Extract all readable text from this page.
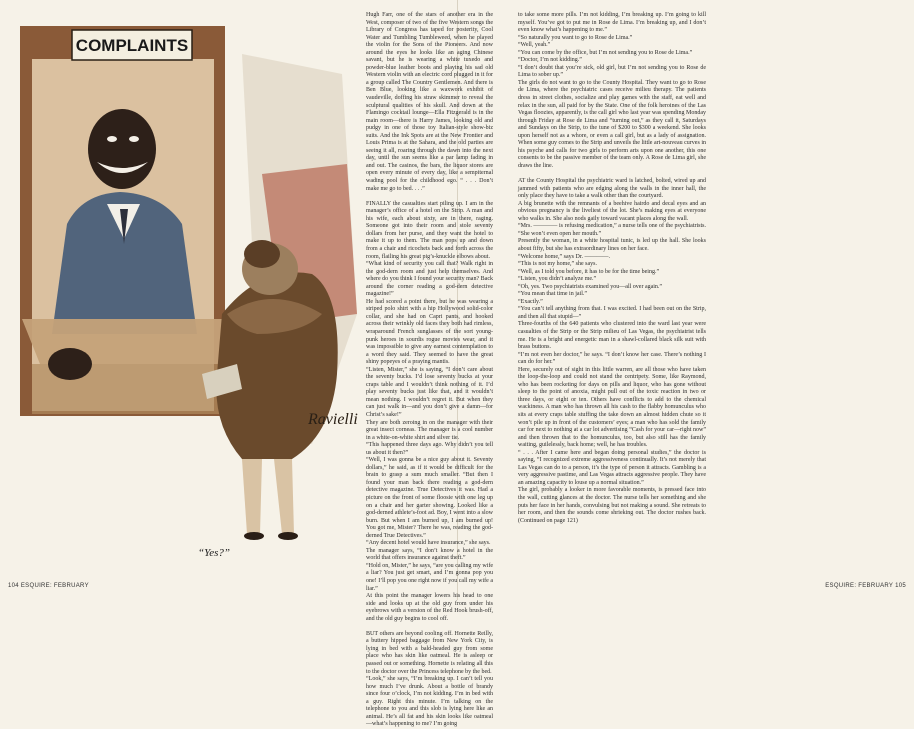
COMPLAINTS
Ravielli
“Yes?”
Hugh Farr, one of the stars of another era in the West, composer of two of the five Western songs the Library of Congress has taped for posterity, Cool Water and Tumbling Tumbleweed, when he played the violin for the Sons of the Pioneers. And now around the eyes he looks like an aging Chinese savant, but he is wearing a white tuxedo and powder-blue leather boots and playing his sad old Western violin with an electric cord plugged in it for a group called The Country Gentlemen. And there is Ben Blue, looking like a waxwork exhibit of vaudeville, doffing his straw skimmer to reveal the sculptural qualities of his skull. And down at the Flamingo cocktail lounge—Ella Fitzgerald is in the main room—there is Harry James, looking old and pudgy in one of those toy Italian-style show-biz suits. And the Ink Spots are at the New Frontier and Louis Prima is at the Sahara, and the old parties are seeing it all, roaring through the dawn into the next day, until the sun seems like a par lamp fading in and out. The casinos, the bars, the liquor stores are open every minute of every day, like a sempiternal wading pool for the childhood ego. “ . . . Don’t make me go to bed. . . .”

FINALLY the casualties start piling up. I am in the manager’s office of a hotel on the Strip. A man and his wife, each about sixty, are in there, raging. Someone got into their room and stole seventy dollars from her purse, and they want the hotel to make it up to them. The man pops up and down from a chair and ricochets back and forth across the room, flailing his great pig’s-knuckle elbows about.
“What kind of security you call that? Walk right in the god-dern room and just help themselves. And where do you think I found your security man? Back around the corner reading a god-dern detective magazine!”
He had scored a point there, but he was wearing a striped polo shirt with a hip Hollywood solid-color collar, and she had on Capri pants, and hooked across their wrinkly old faces they both had rimless, wraparound French sunglasses of the sort young-punk heroes in sourdis rogue movies wear, and it was impossible to give any earnest contemplation to a word they said. They seemed to have the great shiny popeyes of a praying mantis.
“Listen, Mister,” she is saying, “I don’t care about the seventy bucks. I’d lose seventy bucks at your craps table and I wouldn’t think nothing of it. I’d play seventy bucks just like that, and it wouldn’t mean nothing. I wouldn’t regret it. But when they can just walk in—and you don’t give a damn—for Christ’s sake!”
They are both zeroing in on the manager with their great insect corneas. The manager is a cool number in a white-on-white shirt and silver tie.
“This happened three days ago. Why didn’t you tell us about it then?”
“Well, I was gonna be a nice guy about it. Seventy dollars,” he said, as if it would be difficult for the brain to grasp a sum much smaller. “But then I found your man back there reading a god-dern detective magazine. True Detectives it was. Had a picture on the front of some floosie with one leg up on a chair and her garter showing. Looked like a god-derned athlete’s-foot ad. Boy, I went into a slow burn. But when I am burned up, I am burned up! You got me, Mister? There he was, reading the god-derned True Detectives.”
“Any decent hotel would have insurance,” she says.
The manager says, “I don’t know a hotel in the world that offers insurance against theft.”
“Hold on, Mister,” he says, “are you calling my wife a liar? You just get smart, and I’m gonna pop you one! I’ll pop you one right now if you call my wife a liar.”
At this point the manager lowers his head to one side and looks up at the old guy from under his eyebrows with a version of the Red Hook brush-off, and the old guy begins to cool off.

BUT others are beyond cooling off. Hornette Reilly, a buttery hipped baggage from New York City, is lying in bed with a bald-headed guy from some place who has skin like oatmeal. He is asleep or passed out or something. Hornette is relating all this to the doctor over the Princess telephone by the bed.
“Look,” she says, “I’m breaking up. I can’t tell you how much I’ve drunk. About a bottle of brandy since four o’clock, I’m not kidding. I’m in bed with a guy. Right this minute. I’m talking on the telephone to you and this slob is lying here like an animal. He’s all fat and his skin looks like oatmeal—what’s happening to me? I’m going
to take some more pills. I’m not kidding, I’m breaking up. I’m going to kill myself. You’ve got to put me in Rose de Lima. I’m breaking up, and I don’t even know what’s happening to me.”
“So naturally you want to go to Rose de Lima.”
“Well, yeah.”
“You can come by the office, but I’m not sending you to Rose de Lima.”
“Doctor, I’m not kidding.”
“I don’t doubt that you’re sick, old girl, but I’m not sending you to Rose de Lima to sober up.”
The girls do not want to go to the County Hospital. They want to go to Rose de Lima, where the psychiatric cases receive milieu therapy. The patients dress in street clothes, socialize and play games with the staff, eat well and relax in the sun, all paid for by the State. One of the folk heroines of the Las Vegas floozies, apparently, is the call girl who last year was spending Monday through Friday at Rose de Lima and “turning out,” as they call it, Saturdays and Sundays on the Strip, to the tune of $200 to $300 a weekend. She looks upon herself not as a whore, or even a call girl, but as a lady of assignation. When some guy comes to the Strip and unveils the little art-nouveau curves in his psyche and calls for two girls to perform arts upon one another, this one consents to be the passive member of the team only. A Rose de Lima girl, she draws the line.

AT the County Hospital the psychiatric ward is latched, bolted, wired up and jammed with patients who are edging along the walls in the inner hall, the only place they have to take a walk other than the courtyard.
A big brunette with the remnants of a beehive hairdo and decal eyes and an obvious pregnancy is the liveliest of the lot. She’s making eyes at everyone who walks in. She also nods gaily toward vacant places along the wall.
“Mrs. ———— is refusing medication,” a nurse tells one of the psychiatrists. “She won’t even open her mouth.”
Presently the woman, in a white hospital tunic, is led up the hall. She looks about fifty, but she has extraordinary lines on her face.
“Welcome home,” says Dr. ————.
“This is not my home,” she says.
“Well, as I told you before, it has to be for the time being.”
“Listen, you didn’t analyze me.”
“Oh, yes. Two psychiatrists examined you—all over again.”
“You mean that time in jail.”
“Exactly.”
“You can’t tell anything from that. I was excited. I had been out on the Strip, and then all that stupid—”
Three-fourths of the 640 patients who clustered into the ward last year were casualties of the Strip or the Strip milieu of Las Vegas, the psychiatrist tells me. He is a bright and energetic man in a shawl-collared black silk suit with brass buttons.
“I’m not even her doctor,” he says. “I don’t know her case. There’s nothing I can do for her.”
Here, securely out of sight in this little warren, are all those who have taken the loop-the-loop and could not stand the centripety. Some, like Raymond, who has been rocketing for days on pills and liquor, who has gone without sleep to the point of anoxia, might pull out of the toxic reaction in two or three days, or eight or ten. Others have conflicts to add to the chemical wackiness. A man who has thrown all his cash to the flabby homunculus who sits at every craps table stuffing the take down an almost hidden chute so it won’t pile up in front of the customers’ eyes; a man who has sold the family car for next to nothing at a car lot advertising “Cash for your car—right now” and then thrown that to the homunculus, too, but also still has the family waiting, guilelessly, back home; well, he has troubles.
“ . . . After I came here and began doing personal studies,” the doctor is saying, “I recognized extreme aggressiveness continually. It’s not merely that Las Vegas can do to a person, it’s the type of person it attracts. Gambling is a very aggressive pastime, and Las Vegas attracts aggressive people. They have an amazing capacity to louse up a normal situation.”
The girl, probably a looker in more favorable moments, is pressed face into the wall, cutting glances at the doctor. The nurse tells her something and she puts her face in her hands, convulsing but not making a sound. She retreats to her room, and then the sounds come shrieking out. The doctor rushes back. (Continued on page 121)
104 ESQUIRE: FEBRUARY	ESQUIRE: FEBRUARY 105
